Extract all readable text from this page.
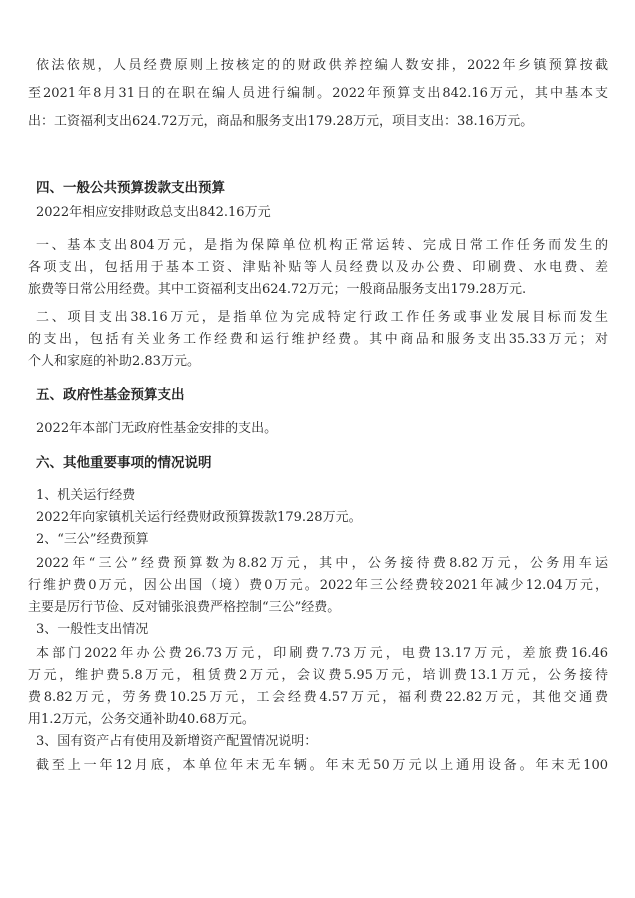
依法依规，人员经费原则上按核定的的财政供养控编人数安排，2022年乡镇预算按截
至2021年8月31日的在职在编人员进行编制。2022年预算支出842.16万元，其中基本支
出：工资福利支出624.72万元，商品和服务支出179.28万元，项目支出：38.16万元。
四、一般公共预算拨款支出预算
2022年相应安排财政总支出842.16万元
一、基本支出804万元，是指为保障单位机构正常运转、完成日常工作任务而发生的
各项支出，包括用于基本工资、津贴补贴等人员经费以及办公费、印刷费、水电费、差
旅费等日常公用经费。其中工资福利支出624.72万元；一般商品服务支出179.28万元.
二、项目支出38.16万元，是指单位为完成特定行政工作任务或事业发展目标而发生
的支出，包括有关业务工作经费和运行维护经费。其中商品和服务支出35.33万元；对
个人和家庭的补助2.83万元。
五、政府性基金预算支出
2022年本部门无政府性基金安排的支出。
六、其他重要事项的情况说明
1、机关运行经费
2022年向家镇机关运行经费财政预算拨款179.28万元。
2、“三公”经费预算
2022年“三公”经费预算数为8.82万元，其中，公务接待费8.82万元，公务用车运
行维护费0万元，因公出国（境）费0万元。2022年三公经费较2021年减少12.04万元，
主要是厉行节俭、反对铺张浪费严格控制“三公”经费。
3、一般性支出情况
本部门2022年办公费26.73万元，印刷费7.73万元，电费13.17万元，差旅费16.46
万元，维护费5.8万元，租赁费2万元，会议费5.95万元，培训费13.1万元，公务接待
费8.82万元，劳务费10.25万元，工会经费4.57万元，福利费22.82万元，其他交通费
用1.2万元，公务交通补助40.68万元。
3、国有资产占有使用及新增资产配置情况说明：
截至上一年12月底，本单位年末无车辆。年末无50万元以上通用设备。年末无100
